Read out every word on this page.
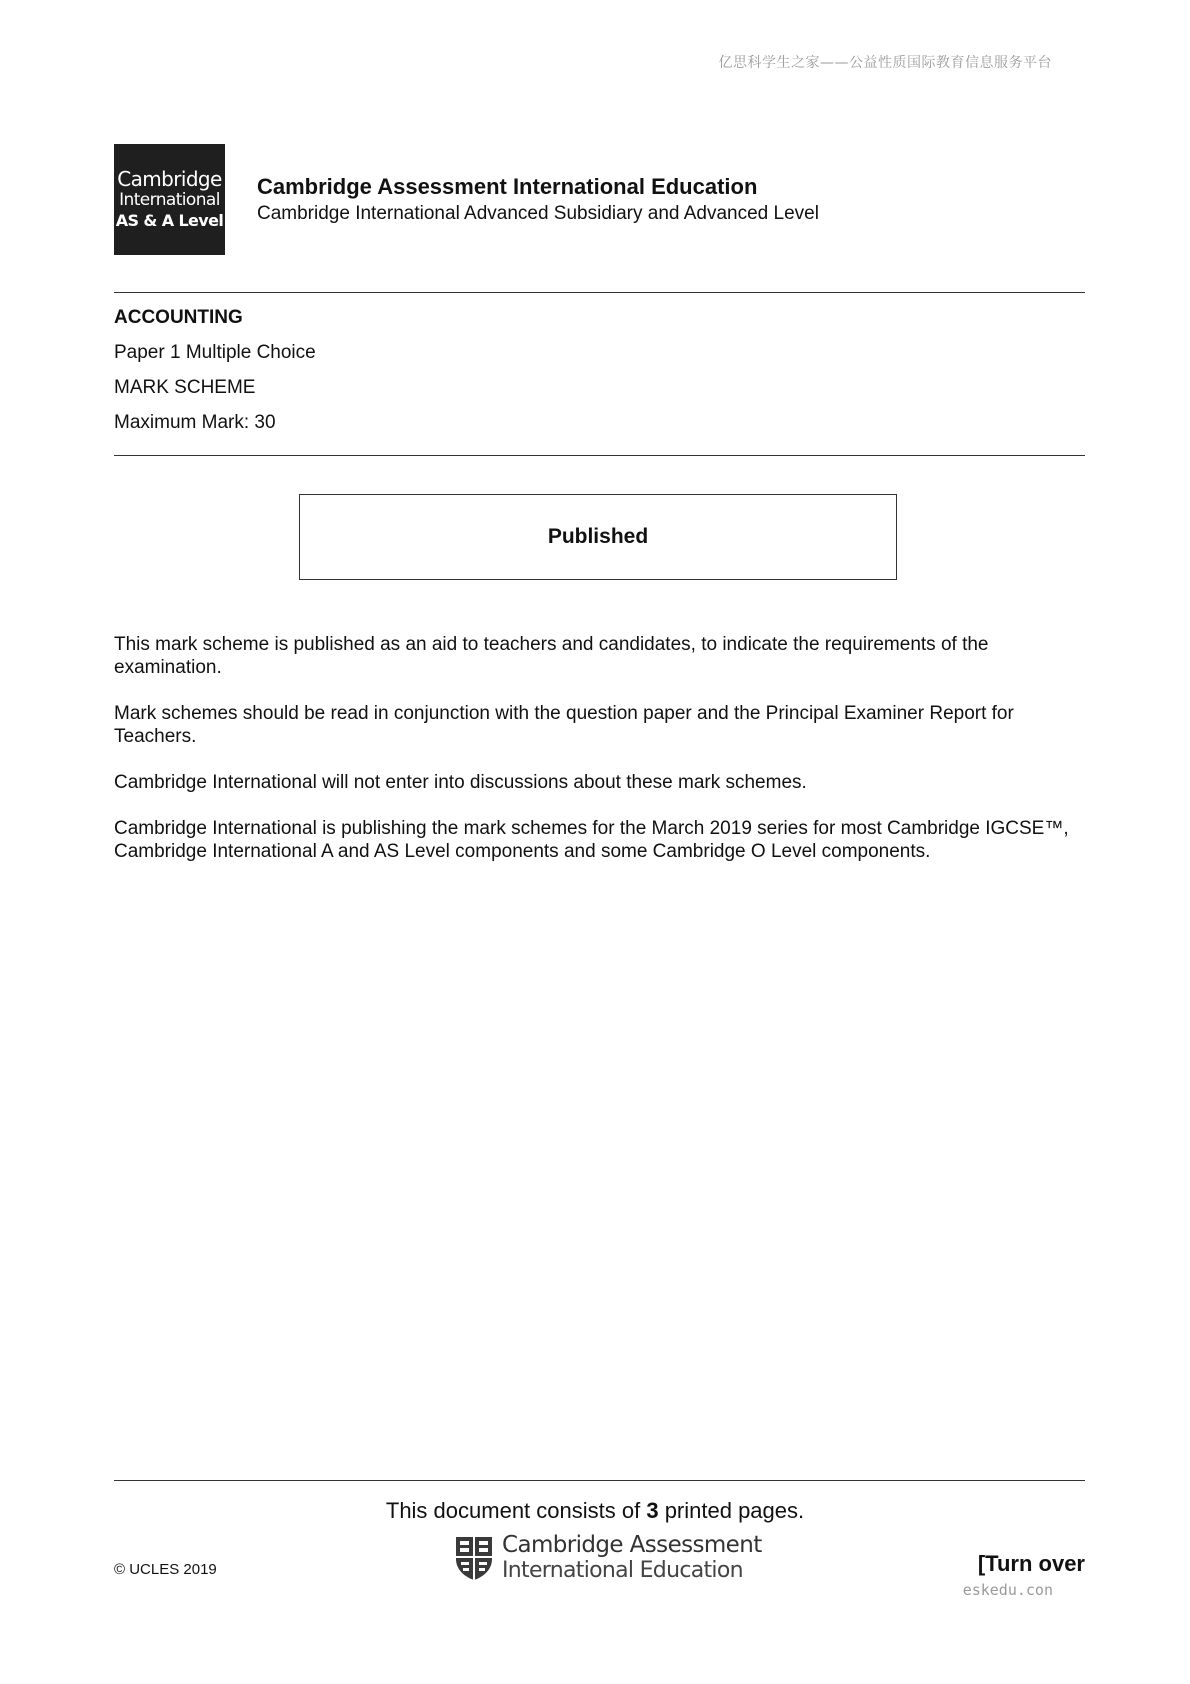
亿思科学生之家——公益性质国际教育信息服务平台
Cambridge
International
AS & A Level
Cambridge Assessment International Education
Cambridge International Advanced Subsidiary and Advanced Level
ACCOUNTING
Paper 1 Multiple Choice
MARK SCHEME
Maximum Mark: 30
Published

This mark scheme is published as an aid to teachers and candidates, to indicate the requirements of the examination.

Mark schemes should be read in conjunction with the question paper and the Principal Examiner Report for Teachers.

Cambridge International will not enter into discussions about these mark schemes.

Cambridge International is publishing the mark schemes for the March 2019 series for most Cambridge IGCSE™, Cambridge International A and AS Level components and some Cambridge O Level components.

This document consists of 3 printed pages.
© UCLES 2019
Cambridge Assessment
International Education	[Turn over
eskedu.con
